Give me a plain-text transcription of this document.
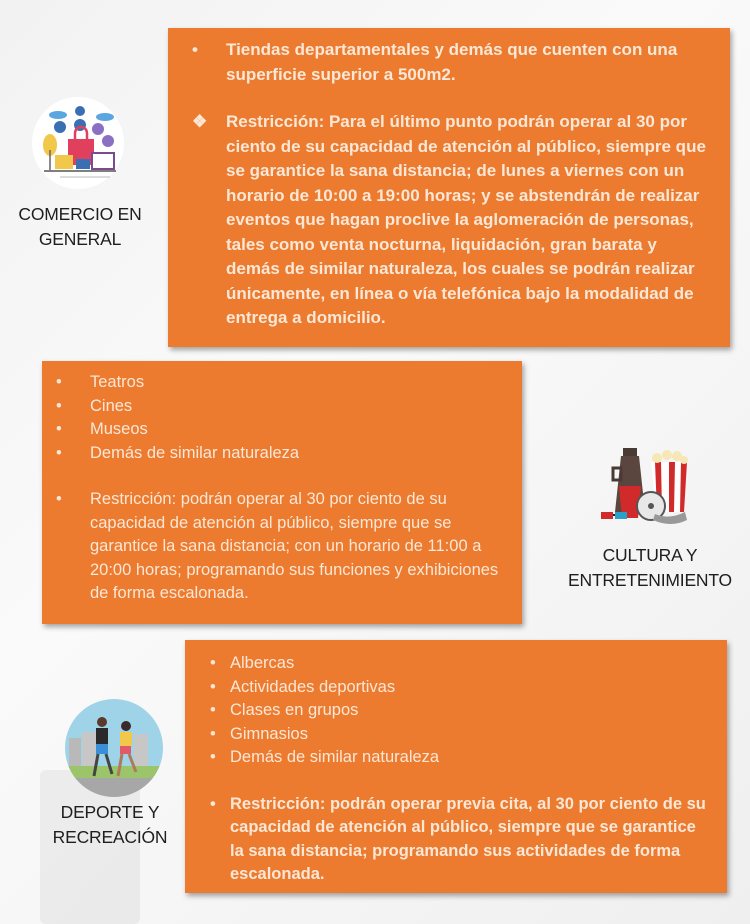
COMERCIO EN
GENERAL
• Tiendas departamentales y demás que cuenten con una superficie superior a 500m2.
❖ Restricción: Para el último punto podrán operar al 30 por ciento de su capacidad de atención al público, siempre que se garantice la sana distancia; de lunes a viernes con un horario de 10:00 a 19:00 horas; y se abstendrán de realizar eventos que hagan proclive la aglomeración de personas, tales como venta nocturna, liquidación, gran barata y demás de similar naturaleza, los cuales se podrán realizar únicamente, en línea o vía telefónica bajo la modalidad de entrega a domicilio.
• Teatros
• Cines
• Museos
• Demás de similar naturaleza
• Restricción: podrán operar al 30 por ciento de su capacidad de atención al público, siempre que se garantice la sana distancia; con un horario de 11:00 a 20:00 horas; programando sus funciones y exhibiciones de forma escalonada.
CULTURA Y
ENTRETENIMIENTO
DEPORTE Y
RECREACIÓN
• Albercas
• Actividades deportivas
• Clases en grupos
• Gimnasios
• Demás de similar naturaleza
• Restricción: podrán operar previa cita, al 30 por ciento de su capacidad de atención al público, siempre que se garantice la sana distancia; programando sus actividades de forma escalonada.
